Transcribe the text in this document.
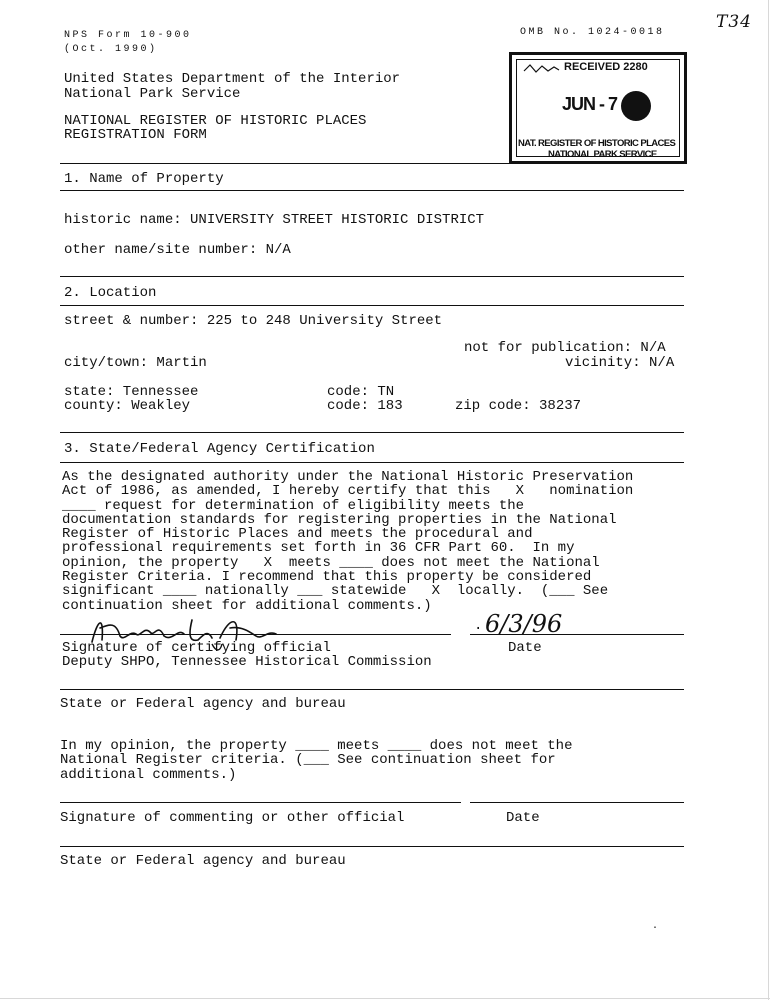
NPS Form 10-900
(Oct. 1990)
OMB No. 1024-0018
T34
United States Department of the Interior
National Park Service
NATIONAL REGISTER OF HISTORIC PLACES
REGISTRATION FORM
RECEIVED 2280
JUN - 7
NAT. REGISTER OF HISTORIC PLACES
NATIONAL PARK SERVICE
1. Name of Property
historic name: UNIVERSITY STREET HISTORIC DISTRICT
other name/site number: N/A
2. Location
street & number: 225 to 248 University Street
not for publication: N/A
city/town: Martin	vicinity: N/A
state: Tennessee	code: TN
county: Weakley	code: 183	zip code: 38237
3. State/Federal Agency Certification
As the designated authority under the National Historic Preservation
Act of 1986, as amended, I hereby certify that this   X   nomination
____ request for determination of eligibility meets the
documentation standards for registering properties in the National
Register of Historic Places and meets the procedural and
professional requirements set forth in 36 CFR Part 60.  In my
opinion, the property   X  meets ____ does not meet the National
Register Criteria. I recommend that this property be considered
significant ____ nationally ___ statewide   X  locally.  (___ See
continuation sheet for additional comments.)
6/3/96
·
Signature of certifying official	Date
Deputy SHPO, Tennessee Historical Commission
State or Federal agency and bureau
In my opinion, the property ____ meets ____ does not meet the
National Register criteria. (___ See continuation sheet for
additional comments.)
Signature of commenting or other official	Date
State or Federal agency and bureau
·
